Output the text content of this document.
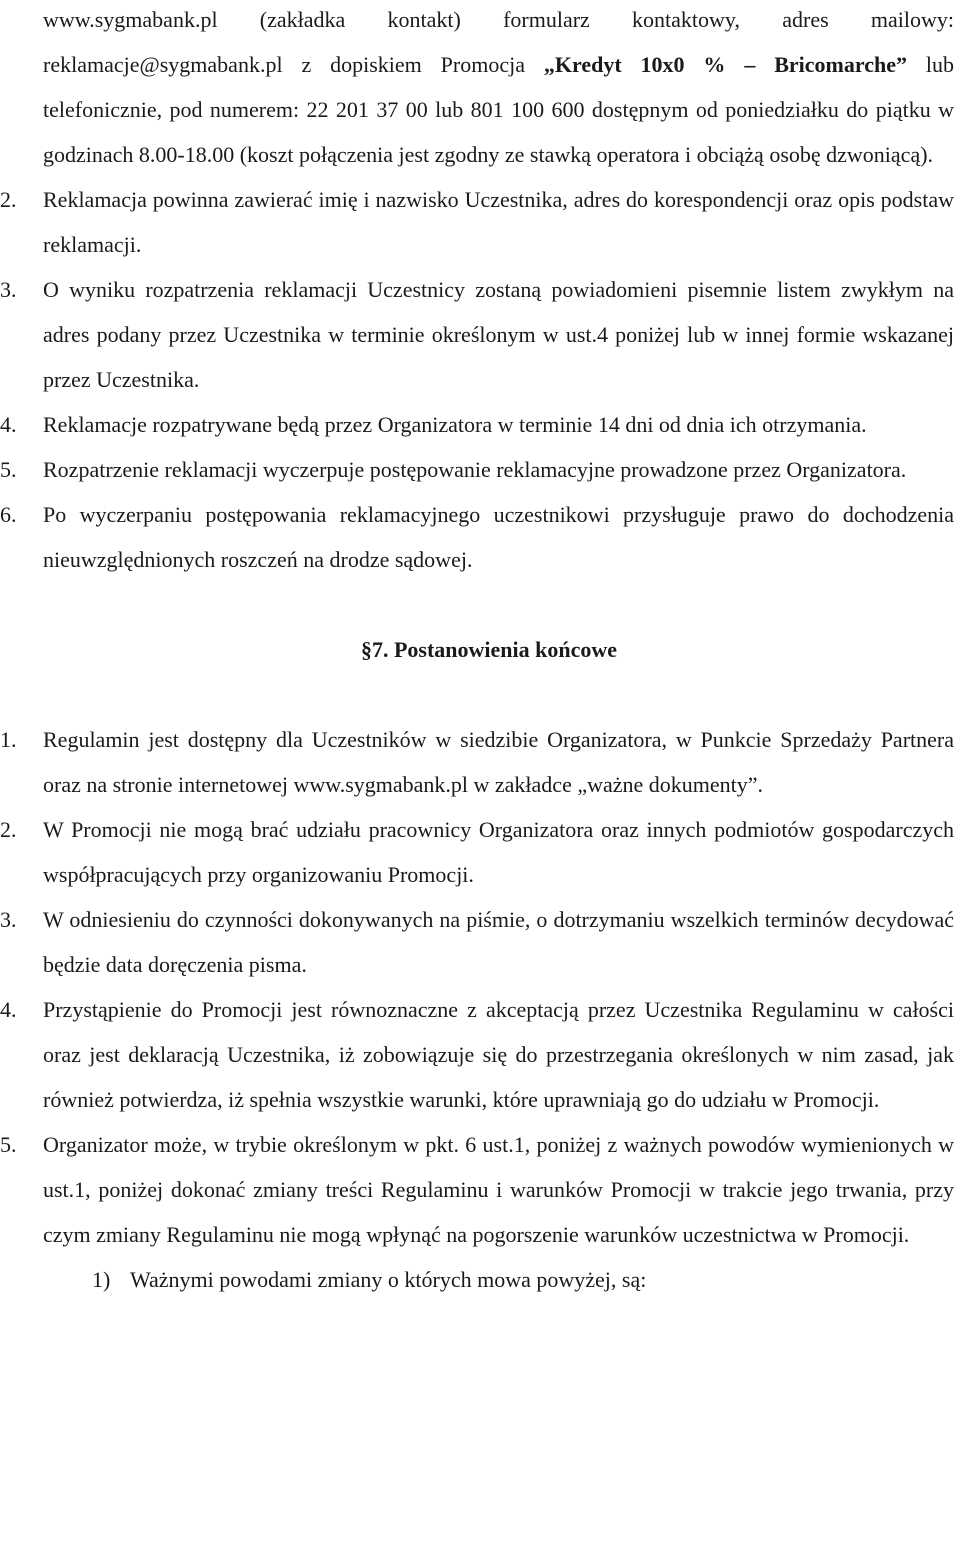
www.sygmabank.pl (zakładka kontakt) formularz kontaktowy, adres mailowy: reklamacje@sygmabank.pl z dopiskiem Promocja „Kredyt 10x0 % – Bricomarche” lub telefonicznie, pod numerem: 22 201 37 00 lub 801 100 600 dostępnym od poniedziałku do piątku w godzinach 8.00-18.00 (koszt połączenia jest zgodny ze stawką operatora i obciążą osobę dzwoniącą).
2. Reklamacja powinna zawierać imię i nazwisko Uczestnika, adres do korespondencji oraz opis podstaw reklamacji.
3. O wyniku rozpatrzenia reklamacji Uczestnicy zostaną powiadomieni pisemnie listem zwykłym na adres podany przez Uczestnika w terminie określonym w ust.4 poniżej lub w innej formie wskazanej przez Uczestnika.
4. Reklamacje rozpatrywane będą przez Organizatora w terminie 14 dni od dnia ich otrzymania.
5. Rozpatrzenie reklamacji wyczerpuje postępowanie reklamacyjne prowadzone przez Organizatora.
6. Po wyczerpaniu postępowania reklamacyjnego uczestnikowi przysługuje prawo do dochodzenia nieuwzględnionych roszczeń na drodze sądowej.
§7. Postanowienia końcowe
1. Regulamin jest dostępny dla Uczestników w siedzibie Organizatora, w Punkcie Sprzedaży Partnera oraz na stronie internetowej www.sygmabank.pl w zakładce „ważne dokumenty”.
2. W Promocji nie mogą brać udziału pracownicy Organizatora oraz innych podmiotów gospodarczych współpracujących przy organizowaniu Promocji.
3. W odniesieniu do czynności dokonywanych na piśmie, o dotrzymaniu wszelkich terminów decydować będzie data doręczenia pisma.
4. Przystąpienie do Promocji jest równoznaczne z akceptacją przez Uczestnika Regulaminu w całości oraz jest deklaracją Uczestnika, iż zobowiązuje się do przestrzegania określonych w nim zasad, jak również potwierdza, iż spełnia wszystkie warunki, które uprawniają go do udziału w Promocji.
5. Organizator może, w trybie określonym w pkt. 6 ust.1, poniżej z ważnych powodów wymienionych w ust.1, poniżej dokonać zmiany treści Regulaminu i warunków Promocji w trakcie jego trwania, przy czym zmiany Regulaminu nie mogą wpłynąć na pogorszenie warunków uczestnictwa w Promocji.
1) Ważnymi powodami zmiany o których mowa powyżej, są:
